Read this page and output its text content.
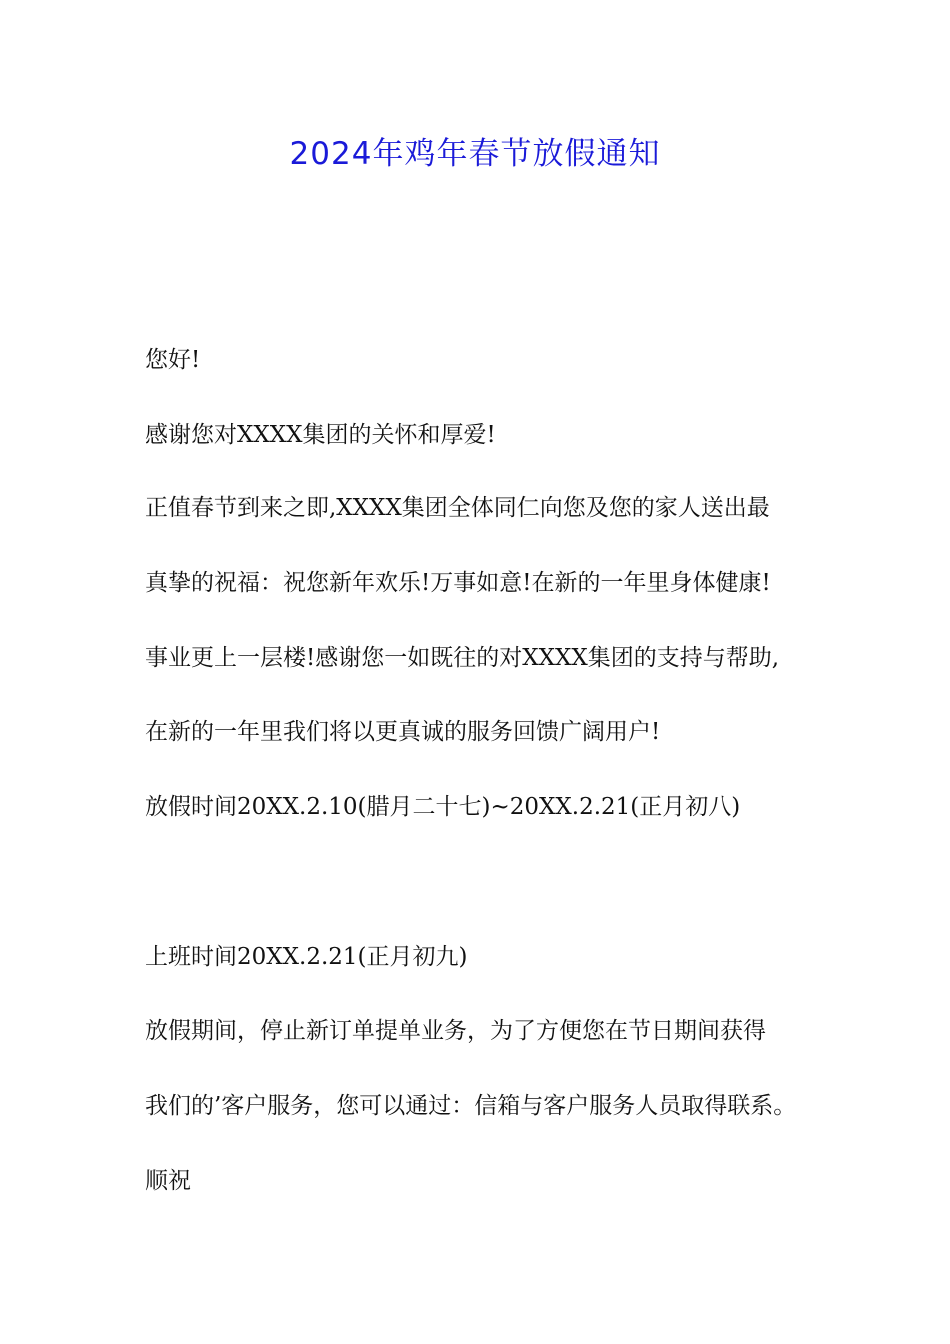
2024年鸡年春节放假通知

您好!

感谢您对XXXX集团的关怀和厚爱!

正值春节到来之即,XXXX集团全体同仁向您及您的家人送出最

真挚的祝福：祝您新年欢乐!万事如意!在新的一年里身体健康!

事业更上一层楼!感谢您一如既往的对XXXX集团的支持与帮助,

在新的一年里我们将以更真诚的服务回馈广阔用户!

放假时间20XX.2.10(腊月二十七)~20XX.2.21(正月初八)

上班时间20XX.2.21(正月初九)

放假期间，停止新订单提单业务，为了方便您在节日期间获得

我们的’客户服务，您可以通过：信箱与客户服务人员取得联系。

顺祝
